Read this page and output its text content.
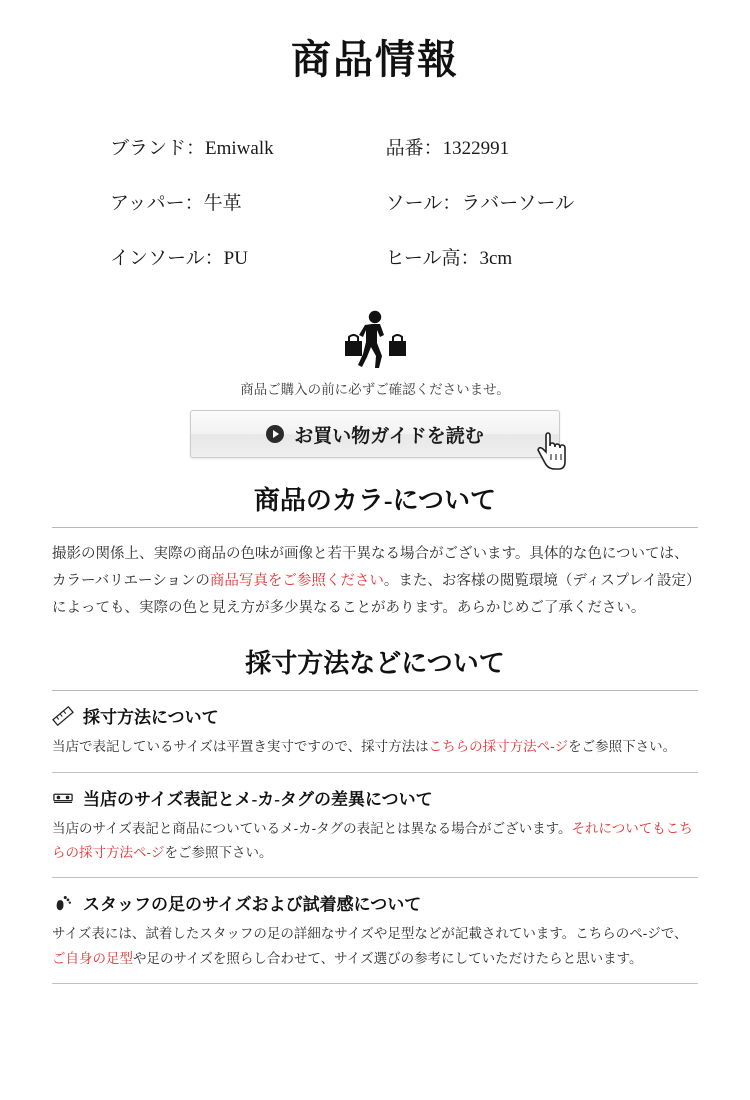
商品情報
ブランド：Emiwalk	品番：1322991
アッパー：牛革	ソール：ラバーソール
インソール：PU	ヒール高：3cm
商品ご購入の前に必ずご確認くださいませ。
お買い物ガイドを読む
商品のカラ-について
撮影の関係上、実際の商品の色味が画像と若干異なる場合がございます。具体的な色については、カラーバリエーションの商品写真をご参照ください。また、お客様の閲覧環境（ディスプレイ設定）によっても、実際の色と見え方が多少異なることがあります。あらかじめご了承ください。
採寸方法などについて
採寸方法について
当店で表記しているサイズは平置き実寸ですので、採寸方法はこちらの採寸方法ペ-ジをご参照下さい。
当店のサイズ表記とメ-カ-タグの差異について
当店のサイズ表記と商品についているメ-カ-タグの表記とは異なる場合がございます。それについてもこちらの採寸方法ペ-ジをご参照下さい。
スタッフの足のサイズおよび試着感について
サイズ表には、試着したスタッフの足の詳細なサイズや足型などが記載されています。こちらのペ-ジで、ご自身の足型や足のサイズを照らし合わせて、サイズ選びの参考にしていただけたらと思います。
